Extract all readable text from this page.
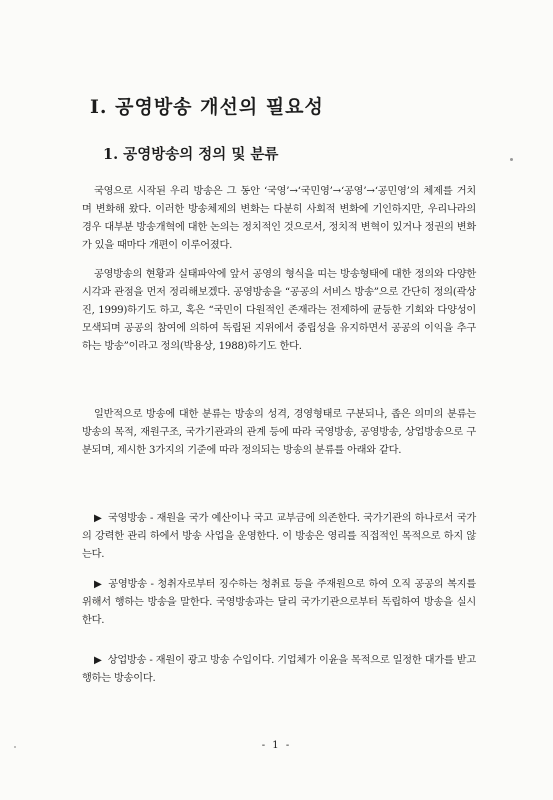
Ⅰ. 공영방송 개선의 필요성
1. 공영방송의 정의 및 분류

국영으로 시작된 우리 방송은 그 동안 ‘국영’→‘국민영’→‘공영’→‘공민영’의 체제를 거치며 변화해 왔다. 이러한 방송체제의 변화는 다분히 사회적 변화에 기인하지만, 우리나라의 경우 대부분 방송개혁에 대한 논의는 정치적인 것으로서, 정치적 변혁이 있거나 정권의 변화가 있을 때마다 개편이 이루어졌다.

공영방송의 현황과 실태파악에 앞서 공영의 형식을 띠는 방송형태에 대한 정의와 다양한 시각과 관점을 먼저 정리해보겠다. 공영방송을 “공공의 서비스 방송”으로 간단히 정의(곽상진, 1999)하기도 하고, 혹은 “국민이 다원적인 존재라는 전제하에 균등한 기회와 다양성이 모색되며 공공의 참여에 의하여 독립된 지위에서 중립성을 유지하면서 공공의 이익을 추구하는 방송”이라고 정의(박용상, 1988)하기도 한다.

일반적으로 방송에 대한 분류는 방송의 성격, 경영형태로 구분되나, 좁은 의미의 분류는 방송의 목적, 재원구조, 국가기관과의 관계 등에 따라 국영방송, 공영방송, 상업방송으로 구분되며, 제시한 3가지의 기준에 따라 정의되는 방송의 분류를 아래와 같다.

▶ 국영방송 - 재원을 국가 예산이나 국고 교부금에 의존한다. 국가기관의 하나로서 국가의 강력한 관리 하에서 방송 사업을 운영한다. 이 방송은 영리를 직접적인 목적으로 하지 않는다.

▶ 공영방송 - 청취자로부터 징수하는 청취료 등을 주재원으로 하여 오직 공공의 복지를 위해서 행하는 방송을 말한다. 국영방송과는 달리 국가기관으로부터 독립하여 방송을 실시한다.

▶ 상업방송 - 재원이 광고 방송 수입이다. 기업체가 이윤을 목적으로 일정한 대가를 받고 행하는 방송이다.

- 1 -
